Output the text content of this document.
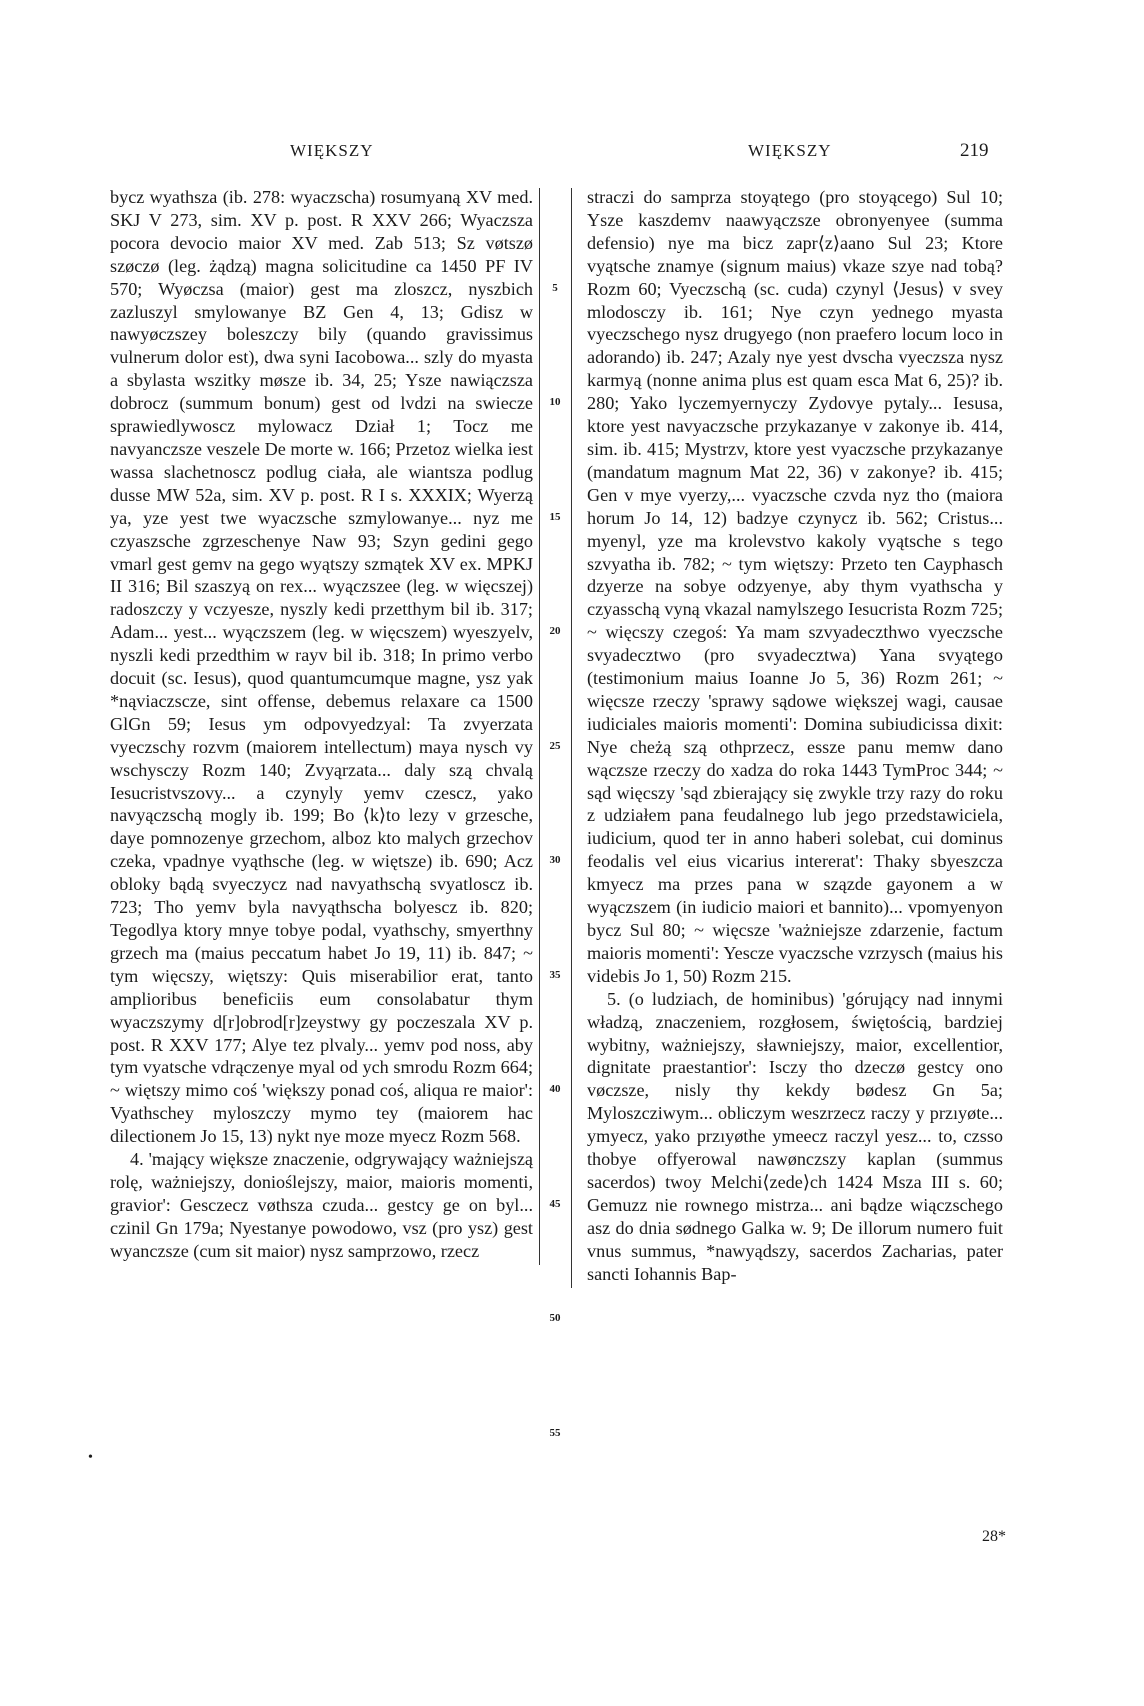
WIĘKSZY	WIĘKSZY	219

bycz wyathsza (ib. 278: wyaczscha) rosumyaną XV med. SKJ V 273, sim. XV p. post. R XXV 266; Wyaczsza pocora devocio maior XV med. Zab 513; Sz vøtszø szøczø (leg. żądzą) magna solicitudine ca 1450 PF IV 570; Wyøczsa (maior) gest ma zloszcz, nyszbich zazluszyl smylowanye BZ Gen 4, 13; Gdisz w nawyøczszey boleszczy bily (quando gravissimus vulnerum dolor est), dwa syni Iacobowa... szly do myasta a sbylasta wszitky møsze ib. 34, 25; Ysze nawiączsza dobrocz (summum bonum) gest od lvdzi na swiecze sprawiedlywoscz mylowacz Dział 1; Tocz me navyanczsze veszele De morte w. 166; Przetoz wielka iest wassa slachetnoscz podlug ciała, ale wiantsza podlug dusse MW 52a, sim. XV p. post. R I s. XXXIX; Wyerzą ya, yze yest twe wyaczsche szmylowanye... nyz me czyaszsche zgrzeschenye Naw 93; Szyn gedini gego vmarl gest gemv na gego wyątszy szmątek XV ex. MPKJ II 316; Bil szaszyą on rex... wyączszee (leg. w więcszej) radoszczy y vczyesze, nyszly kedi przetthym bil ib. 317; Adam... yest... wyączszem (leg. w więcszem) wyeszyelv, nyszli kedi przedthim w rayv bil ib. 318; In primo verbo docuit (sc. Iesus), quod quantumcumque magne, ysz yak *nąviaczscze, sint offense, debemus relaxare ca 1500 GlGn 59; Iesus ym odpovyedzyal: Ta zvyerzata vyeczschy rozvm (maiorem intellectum) maya nysch vy wschysczy Rozm 140; Zvyąrzata... daly szą chvalą Iesucristvszovy... a czynyly yemv czescz, yako navyączschą mogly ib. 199; Bo ⟨k⟩to lezy v grzesche, daye pomnozenye grzechom, alboz kto malych grzechov czeka, vpadnye vyąthsche (leg. w więtsze) ib. 690; Acz obloky bądą svyeczycz nad navyathschą svyatloscz ib. 723; Tho yemv byla navyąthscha bolyescz ib. 820; Tegodlya ktory mnye tobye podal, vyathschy, smyerthny grzech ma (maius peccatum habet Jo 19, 11) ib. 847; ~ tym więcszy, więtszy: Quis miserabilior erat, tanto amplioribus beneficiis eum consolabatur thym wyaczszymy d[r]obrod[r]zeystwy gy poczeszala XV p. post. R XXV 177; Alye tez plvaly... yemv pod noss, aby tym vyatsche vdrączenye myal od ych smrodu Rozm 664; ~ więtszy mimo coś 'większy ponad coś, aliqua re maior': Vyathschey myloszczy mymo tey (maiorem hac dilectionem Jo 15, 13) nykt nye moze myecz Rozm 568.

4. 'mający większe znaczenie, odgrywający ważniejszą rolę, ważniejszy, donioślejszy, maior, maioris momenti, gravior': Gesczecz vøthsza czuda... gestcy ge on byl... czinil Gn 179a; Nyestanye powodowo, vsz (pro ysz) gest wyanczsze (cum sit maior) nysz samprzowo, rzecz

5
10
15
20
25
30
35
40
45
50
55

straczi do samprza stoyątego (pro stoyącego) Sul 10; Ysze kaszdemv naawyączsze obronyenyee (summa defensio) nye ma bicz zapr⟨z⟩aano Sul 23; Ktore vyątsche znamye (signum maius) vkaze szye nad tobą? Rozm 60; Vyeczschą (sc. cuda) czynyl ⟨Jesus⟩ v svey mlodosczy ib. 161; Nye czyn yednego myasta vyeczschego nysz drugyego (non praefero locum loco in adorando) ib. 247; Azaly nye yest dvscha vyeczsza nysz karmyą (nonne anima plus est quam esca Mat 6, 25)? ib. 280; Yako lyczemyernyczy Zydovye pytaly... Iesusa, ktore yest navyaczsche przykazanye v zakonye ib. 414, sim. ib. 415; Mystrzv, ktore yest vyaczsche przykazanye (mandatum magnum Mat 22, 36) v zakonye? ib. 415; Gen v mye vyerzy,... vyaczsche czvda nyz tho (maiora horum Jo 14, 12) badzye czynycz ib. 562; Cristus... myenyl, yze ma krolevstvo kakoly vyątsche s tego szvyatha ib. 782; ~ tym więtszy: Przeto ten Cayphasch dzyerze na sobye odzyenye, aby thym vyathscha y czyasschą vyną vkazal namylszego Iesucrista Rozm 725; ~ więcszy czegoś: Ya mam szvyadeczthwo vyeczsche svyadecztwo (pro svyadecztwa) Yana svyątego (testimonium maius Ioanne Jo 5, 36) Rozm 261; ~ więcsze rzeczy 'sprawy sądowe większej wagi, causae iudiciales maioris momenti': Domina subiudicissa dixit: Nye cheżą szą othprzecz, essze panu memw dano wączsze rzeczy do xadza do roka 1443 TymProc 344; ~ sąd więcszy 'sąd zbierający się zwykle trzy razy do roku z udziałem pana feudalnego lub jego przedstawiciela, iudicium, quod ter in anno haberi solebat, cui dominus feodalis vel eius vicarius intererat': Thaky sbyeszcza kmyecz ma przes pana w szązde gayonem a w wyączszem (in iudicio maiori et bannito)... vpomyenyon bycz Sul 80; ~ więcsze 'ważniejsze zdarzenie, factum maioris momenti': Yescze vyaczsche vzrzysch (maius his videbis Jo 1, 50) Rozm 215.

5. (o ludziach, de hominibus) 'górujący nad innymi władzą, znaczeniem, rozgłosem, świętością, bardziej wybitny, ważniejszy, sławniejszy, maior, excellentior, dignitate praestantior': Isczy tho dzeczø gestcy ono vøczsze, nisly thy kekdy bødesz Gn 5a; Myloszcziwym... obliczym weszrzecz raczy y przıyøte... ymyecz, yako przıyøthe ymeecz raczyl yesz... to, czsso thobye offyerowal nawønczszy kaplan (summus sacerdos) twoy Melchi⟨zede⟩ch 1424 Msza III s. 60; Gemuzz nie rownego mistrza... ani bądze wiączschego asz do dnia sødnego Galka w. 9; De illorum numero fuit vnus summus, *nawyądszy, sacerdos Zacharias, pater sancti Iohannis Bap-

•
28*
